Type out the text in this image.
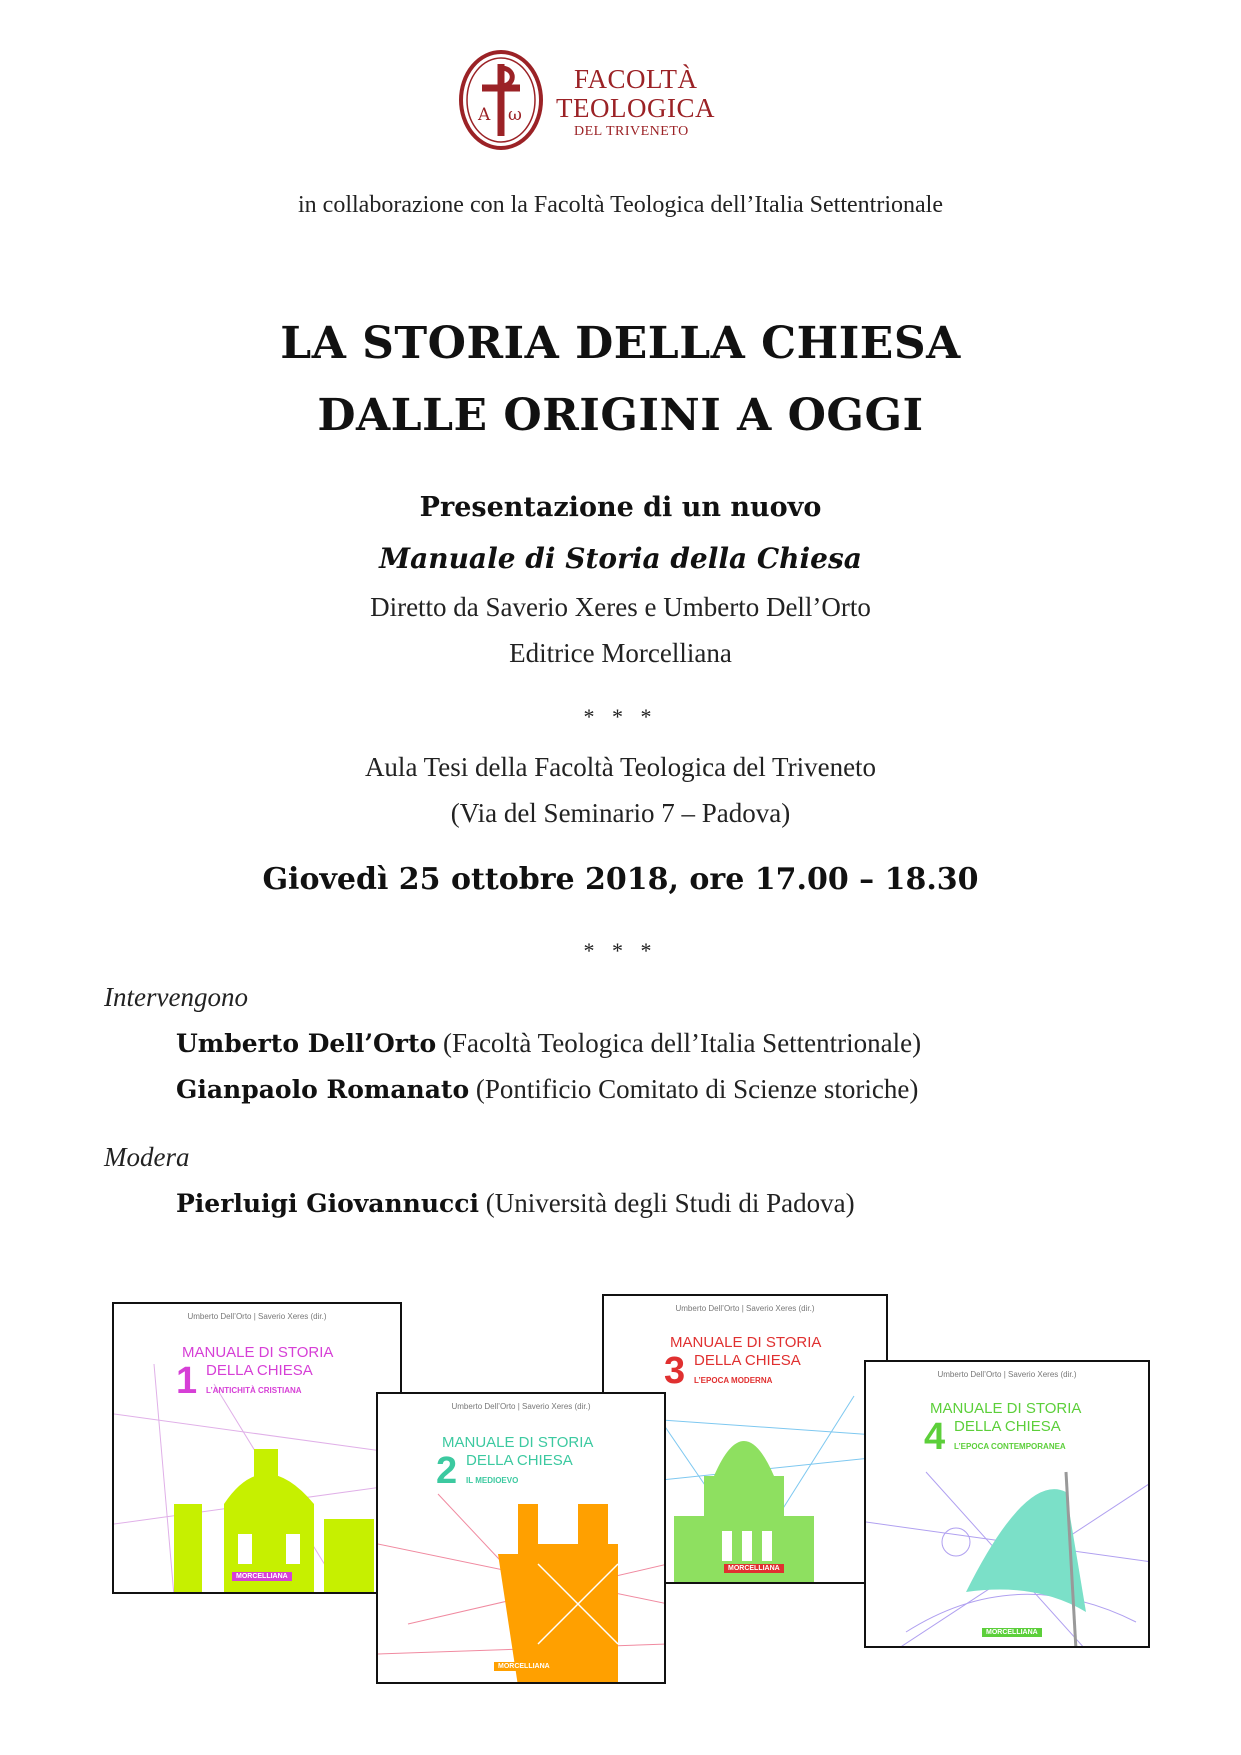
A ω
FACOLTÀ
TEOLOGICA
DEL TRIVENETO
in collaborazione con la Facoltà Teologica dell’Italia Settentrionale
LA STORIA DELLA CHIESA
DALLE ORIGINI A OGGI
Presentazione di un nuovo
Manuale di Storia della Chiesa
Diretto da Saverio Xeres e Umberto Dell’Orto
Editrice Morcelliana
* * *
Aula Tesi della Facoltà Teologica del Triveneto
(Via del Seminario 7 – Padova)
Giovedì 25 ottobre 2018, ore 17.00 – 18.30
* * *
Intervengono
Umberto Dell’Orto (Facoltà Teologica dell’Italia Settentrionale)
Gianpaolo Romanato (Pontificio Comitato di Scienze storiche)
Modera
Pierluigi Giovannucci (Università degli Studi di Padova)
Umberto Dell’Orto | Saverio Xeres (dir.)
MANUALE DI STORIA
1 DELLA CHIESA
L’ANTICHITÀ CRISTIANA
MORCELLIANA
Umberto Dell’Orto | Saverio Xeres (dir.)
MANUALE DI STORIA
2 DELLA CHIESA
IL MEDIOEVO
MORCELLIANA
Umberto Dell’Orto | Saverio Xeres (dir.)
MANUALE DI STORIA
3 DELLA CHIESA
L’EPOCA MODERNA
MORCELLIANA
Umberto Dell’Orto | Saverio Xeres (dir.)
MANUALE DI STORIA
4 DELLA CHIESA
L’EPOCA CONTEMPORANEA
MORCELLIANA
